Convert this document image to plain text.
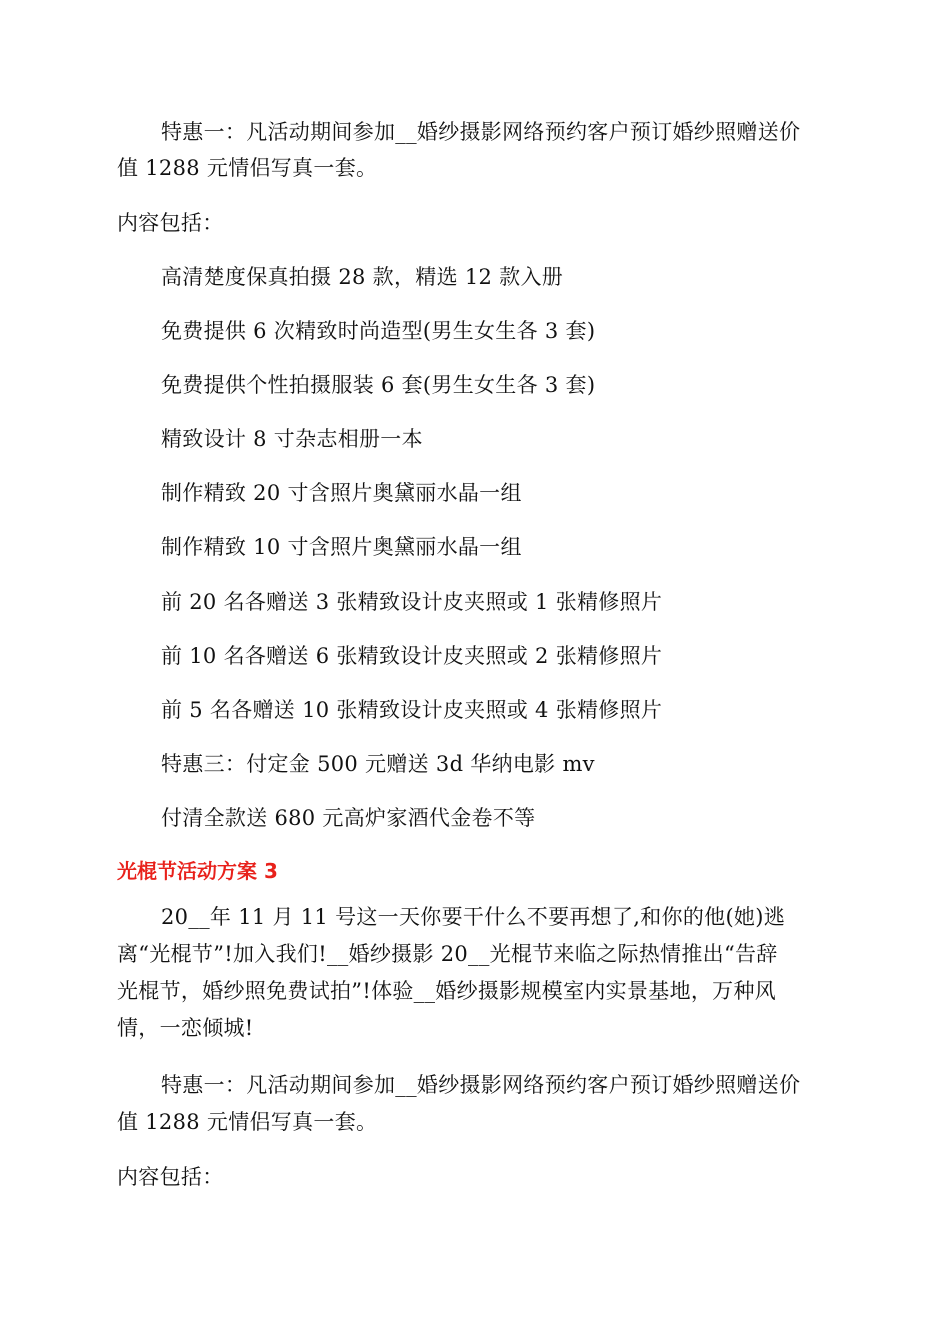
特惠一：凡活动期间参加__婚纱摄影网络预约客户预订婚纱照赠送价
值 1288 元情侣写真一套。
内容包括：
高清楚度保真拍摄 28 款，精选 12 款入册
免费提供 6 次精致时尚造型(男生女生各 3 套)
免费提供个性拍摄服装 6 套(男生女生各 3 套)
精致设计 8 寸杂志相册一本
制作精致 20 寸含照片奥黛丽水晶一组
制作精致 10 寸含照片奥黛丽水晶一组
前 20 名各赠送 3 张精致设计皮夹照或 1 张精修照片
前 10 名各赠送 6 张精致设计皮夹照或 2 张精修照片
前 5 名各赠送 10 张精致设计皮夹照或 4 张精修照片
特惠三：付定金 500 元赠送 3d 华纳电影 mv
付清全款送 680 元高炉家酒代金卷不等
光棍节活动方案 3
20__年 11 月 11 号这一天你要干什么不要再想了,和你的他(她)逃
离“光棍节”!加入我们!__婚纱摄影 20__光棍节来临之际热情推出“告辞
光棍节，婚纱照免费试拍”!体验__婚纱摄影规模室内实景基地，万种风
情，一恋倾城!
特惠一：凡活动期间参加__婚纱摄影网络预约客户预订婚纱照赠送价
值 1288 元情侣写真一套。
内容包括：
